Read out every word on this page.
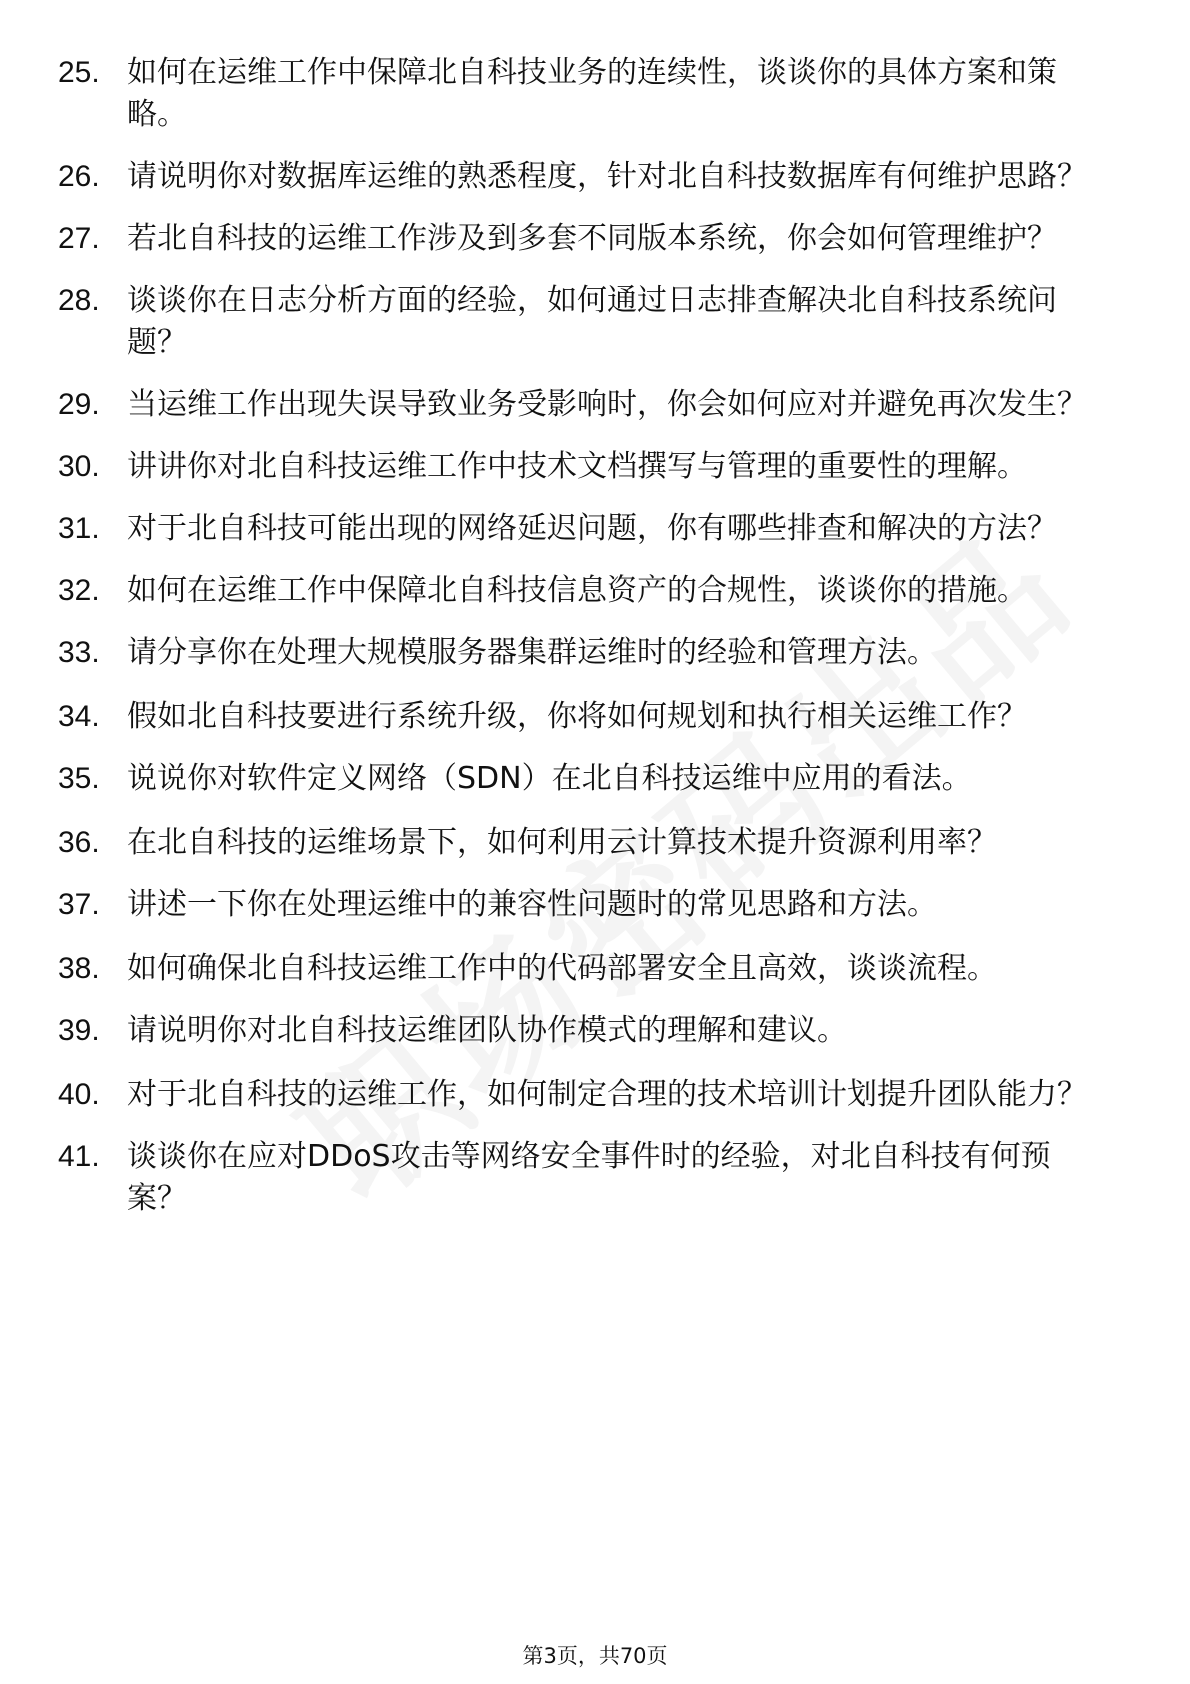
25. 如何在运维工作中保障北自科技业务的连续性，谈谈你的具体方案和策略。
26. 请说明你对数据库运维的熟悉程度，针对北自科技数据库有何维护思路？
27. 若北自科技的运维工作涉及到多套不同版本系统，你会如何管理维护？
28. 谈谈你在日志分析方面的经验，如何通过日志排查解决北自科技系统问题？
29. 当运维工作出现失误导致业务受影响时，你会如何应对并避免再次发生？
30. 讲讲你对北自科技运维工作中技术文档撰写与管理的重要性的理解。
31. 对于北自科技可能出现的网络延迟问题，你有哪些排查和解决的方法？
32. 如何在运维工作中保障北自科技信息资产的合规性，谈谈你的措施。
33. 请分享你在处理大规模服务器集群运维时的经验和管理方法。
34. 假如北自科技要进行系统升级，你将如何规划和执行相关运维工作？
35. 说说你对软件定义网络（SDN）在北自科技运维中应用的看法。
36. 在北自科技的运维场景下，如何利用云计算技术提升资源利用率？
37. 讲述一下你在处理运维中的兼容性问题时的常见思路和方法。
38. 如何确保北自科技运维工作中的代码部署安全且高效，谈谈流程。
39. 请说明你对北自科技运维团队协作模式的理解和建议。
40. 对于北自科技的运维工作，如何制定合理的技术培训计划提升团队能力？
41. 谈谈你在应对DDoS攻击等网络安全事件时的经验，对北自科技有何预案？
第3页，共70页
